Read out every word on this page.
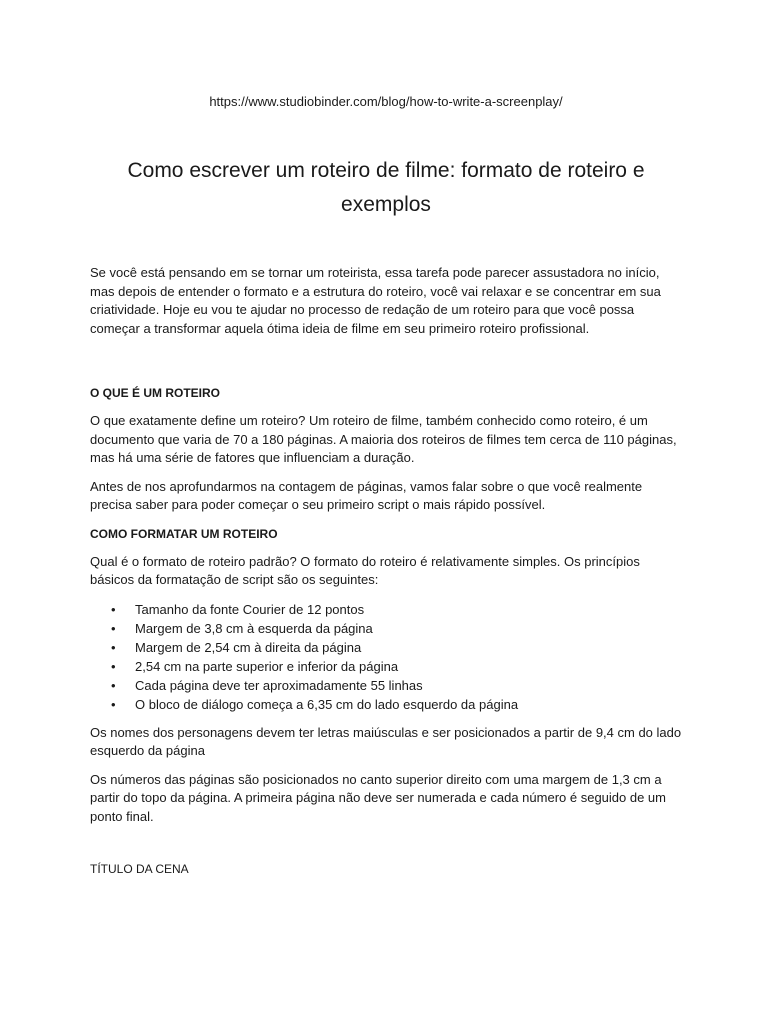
https://www.studiobinder.com/blog/how-to-write-a-screenplay/
Como escrever um roteiro de filme: formato de roteiro e exemplos

Se você está pensando em se tornar um roteirista, essa tarefa pode parecer assustadora no início, mas depois de entender o formato e a estrutura do roteiro, você vai relaxar e se concentrar em sua criatividade. Hoje eu vou te ajudar no processo de redação de um roteiro para que você possa começar a transformar aquela ótima ideia de filme em seu primeiro roteiro profissional.

O QUE É UM ROTEIRO

O que exatamente define um roteiro? Um roteiro de filme, também conhecido como roteiro, é um documento que varia de 70 a 180 páginas. A maioria dos roteiros de filmes tem cerca de 110 páginas, mas há uma série de fatores que influenciam a duração.

Antes de nos aprofundarmos na contagem de páginas, vamos falar sobre o que você realmente precisa saber para poder começar o seu primeiro script o mais rápido possível.

COMO FORMATAR UM ROTEIRO

Qual é o formato de roteiro padrão? O formato do roteiro é relativamente simples. Os princípios básicos da formatação de script são os seguintes:

• Tamanho da fonte Courier de 12 pontos
• Margem de 3,8 cm à esquerda da página
• Margem de 2,54 cm à direita da página
• 2,54 cm na parte superior e inferior da página
• Cada página deve ter aproximadamente 55 linhas
• O bloco de diálogo começa a 6,35 cm do lado esquerdo da página

Os nomes dos personagens devem ter letras maiúsculas e ser posicionados a partir de 9,4 cm do lado esquerdo da página

Os números das páginas são posicionados no canto superior direito com uma margem de 1,3 cm a partir do topo da página. A primeira página não deve ser numerada e cada número é seguido de um ponto final.

TÍTULO DA CENA
